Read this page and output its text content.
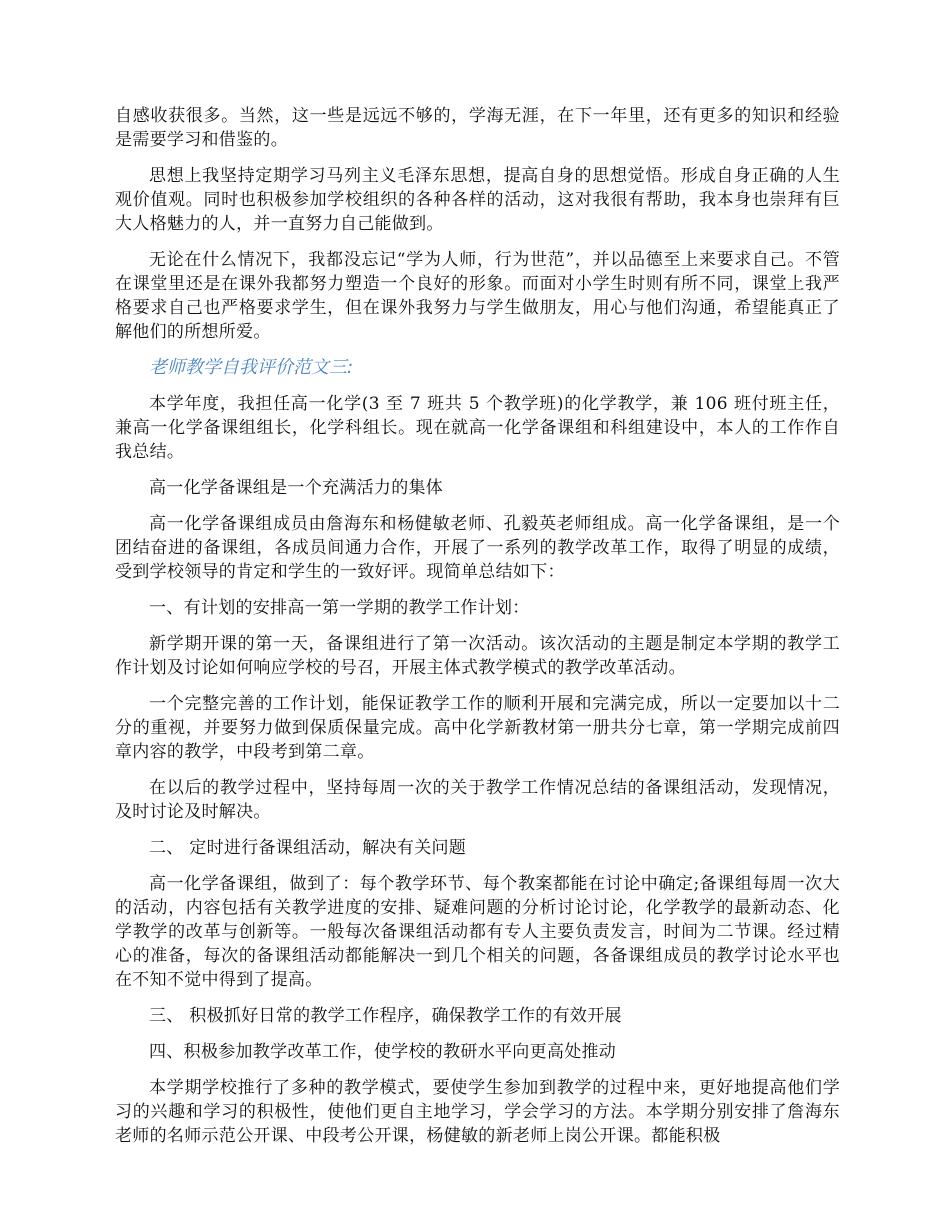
自感收获很多。当然，这一些是远远不够的，学海无涯，在下一年里，还有更多的知识和经验是需要学习和借鉴的。

思想上我坚持定期学习马列主义毛泽东思想，提高自身的思想觉悟。形成自身正确的人生观价值观。同时也积极参加学校组织的各种各样的活动，这对我很有帮助，我本身也崇拜有巨大人格魅力的人，并一直努力自己能做到。

无论在什么情况下，我都没忘记“学为人师，行为世范”，并以品德至上来要求自己。不管在课堂里还是在课外我都努力塑造一个良好的形象。而面对小学生时则有所不同，课堂上我严格要求自己也严格要求学生，但在课外我努力与学生做朋友，用心与他们沟通，希望能真正了解他们的所想所爱。

老师教学自我评价范文三:

本学年度，我担任高一化学(3 至 7 班共 5 个教学班)的化学教学，兼 106 班付班主任，兼高一化学备课组组长，化学科组长。现在就高一化学备课组和科组建设中，本人的工作作自我总结。

高一化学备课组是一个充满活力的集体

高一化学备课组成员由詹海东和杨健敏老师、孔毅英老师组成。高一化学备课组，是一个团结奋进的备课组，各成员间通力合作，开展了一系列的教学改革工作，取得了明显的成绩，受到学校领导的肯定和学生的一致好评。现简单总结如下：

一、有计划的安排高一第一学期的教学工作计划：

新学期开课的第一天，备课组进行了第一次活动。该次活动的主题是制定本学期的教学工作计划及讨论如何响应学校的号召，开展主体式教学模式的教学改革活动。

一个完整完善的工作计划，能保证教学工作的顺利开展和完满完成，所以一定要加以十二分的重视，并要努力做到保质保量完成。高中化学新教材第一册共分七章，第一学期完成前四章内容的教学，中段考到第二章。

在以后的教学过程中，坚持每周一次的关于教学工作情况总结的备课组活动，发现情况，及时讨论及时解决。

二、 定时进行备课组活动，解决有关问题

高一化学备课组，做到了：每个教学环节、每个教案都能在讨论中确定;备课组每周一次大的活动，内容包括有关教学进度的安排、疑难问题的分析讨论讨论，化学教学的最新动态、化学教学的改革与创新等。一般每次备课组活动都有专人主要负责发言，时间为二节课。经过精心的准备，每次的备课组活动都能解决一到几个相关的问题，各备课组成员的教学讨论水平也在不知不觉中得到了提高。

三、 积极抓好日常的教学工作程序，确保教学工作的有效开展

四、积极参加教学改革工作，使学校的教研水平向更高处推动

本学期学校推行了多种的教学模式，要使学生参加到教学的过程中来，更好地提高他们学习的兴趣和学习的积极性，使他们更自主地学习，学会学习的方法。本学期分别安排了詹海东老师的名师示范公开课、中段考公开课，杨健敏的新老师上岗公开课。都能积极
